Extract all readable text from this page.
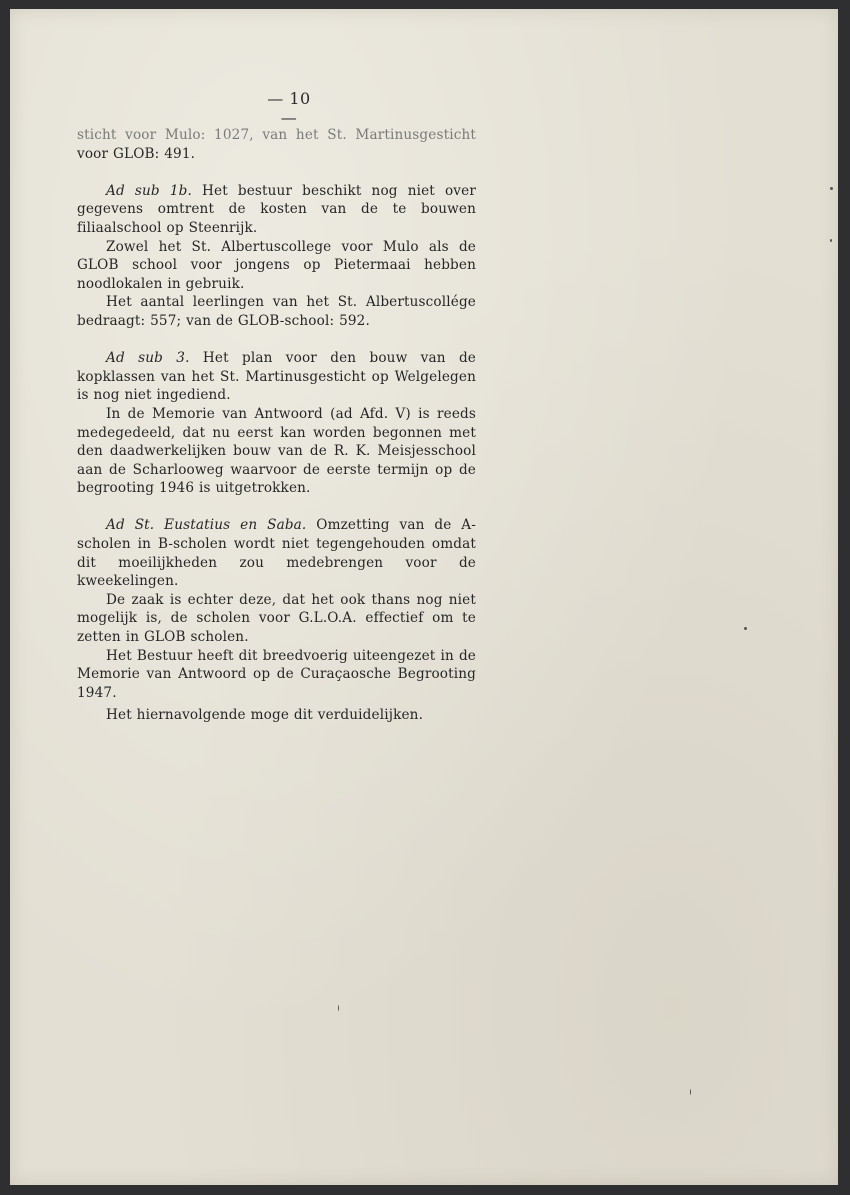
— 10 —

sticht voor Mulo: 1027, van het St. Martinusgesticht voor GLOB: 491.

Ad sub 1b. Het bestuur beschikt nog niet over gegevens omtrent de kosten van de te bouwen filiaalschool op Steenrijk.

Zowel het St. Albertuscollege voor Mulo als de GLOB school voor jongens op Pietermaai hebben noodlokalen in gebruik.

Het aantal leerlingen van het St. Albertuscollége bedraagt: 557; van de GLOB-school: 592.

Ad sub 3. Het plan voor den bouw van de kopklassen van het St. Martinusgesticht op Welgelegen is nog niet ingediend.

In de Memorie van Antwoord (ad Afd. V) is reeds medegedeeld, dat nu eerst kan worden begonnen met den daadwerkelijken bouw van de R. K. Meisjesschool aan de Scharlooweg waarvoor de eerste termijn op de begrooting 1946 is uitgetrokken.

Ad St. Eustatius en Saba. Omzetting van de A-scholen in B-scholen wordt niet tegengehouden omdat dit moeilijkheden zou medebrengen voor de kweekelingen.

De zaak is echter deze, dat het ook thans nog niet mogelijk is, de scholen voor G.L.O.A. effectief om te zetten in GLOB scholen.

Het Bestuur heeft dit breedvoerig uiteengezet in de Memorie van Antwoord op de Curaçaosche Begrooting 1947.

Het hiernavolgende moge dit verduidelijken.
